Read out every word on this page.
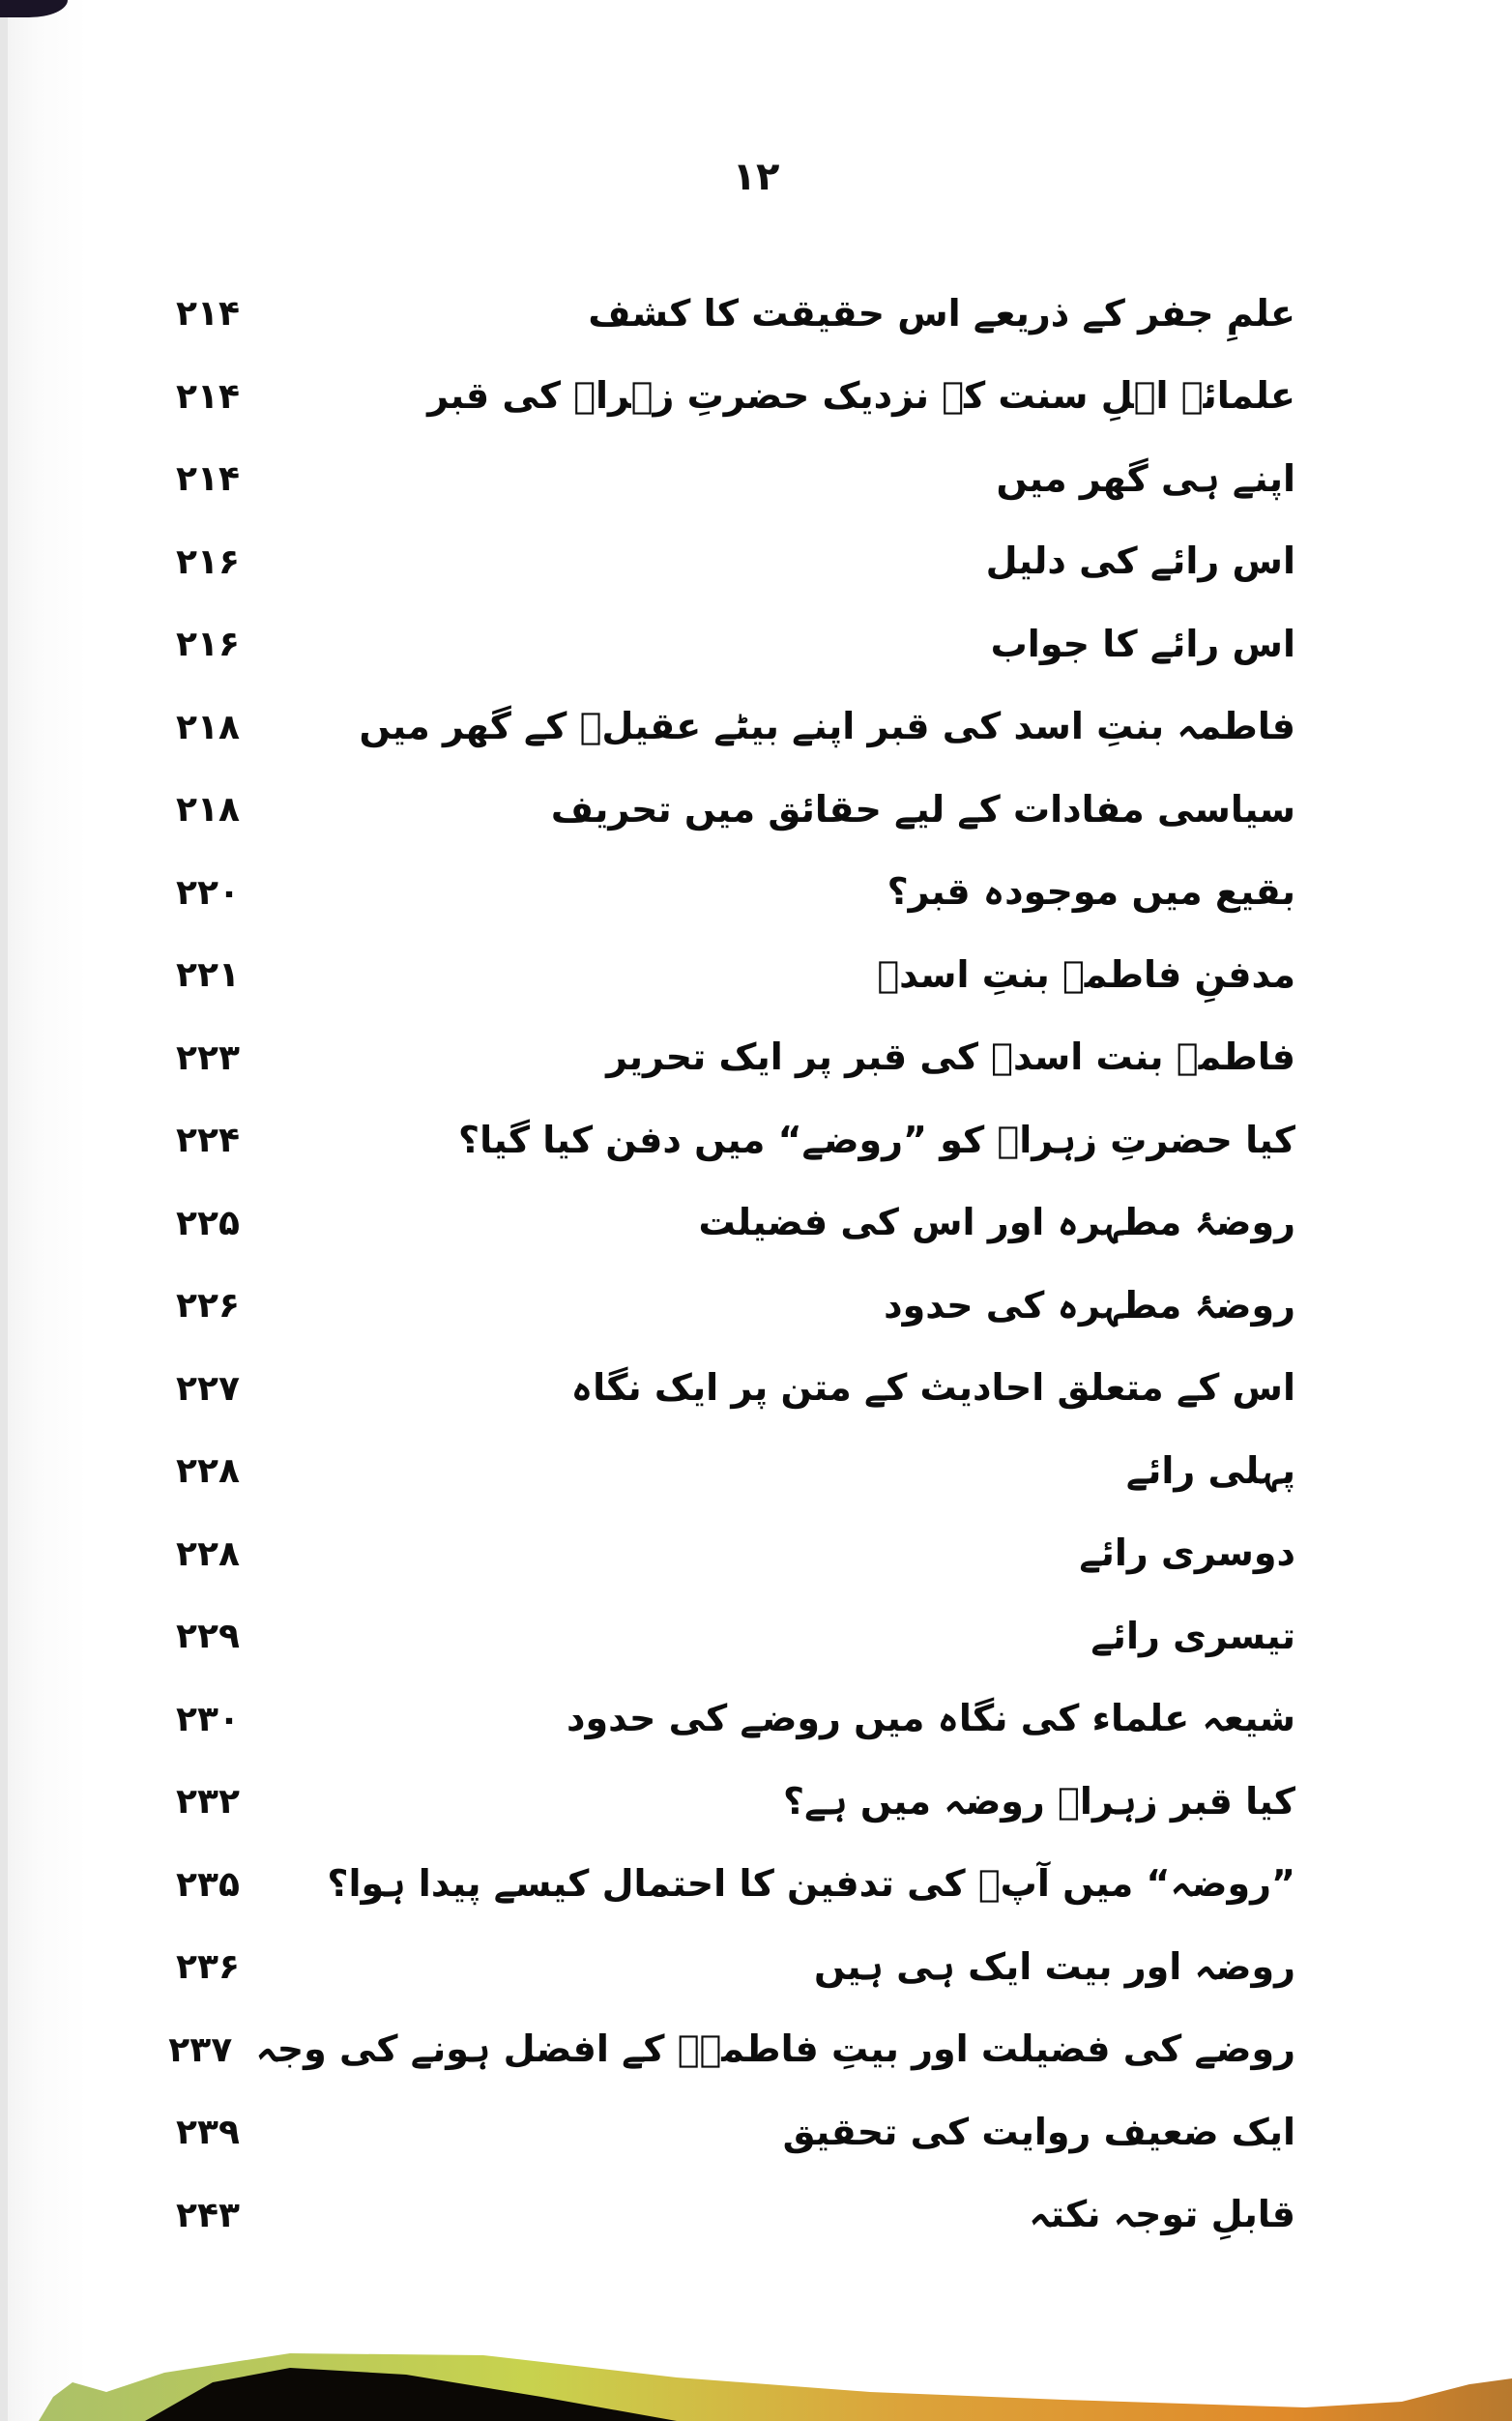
۱۲
علمِ جفر کے ذریعے اس حقیقت کا کشف
۲۱۴
علمائے اہلِ سنت کے نزدیک حضرتِ زہراؑ کی قبر
۲۱۴
اپنے ہی گھر میں
۲۱۴
اس رائے کی دلیل
۲۱۶
اس رائے کا جواب
۲۱۶
فاطمہ بنتِ اسد کی قبر اپنے بیٹے عقیلؑ کے گھر میں
۲۱۸
سیاسی مفادات کے لیے حقائق میں تحریف
۲۱۸
بقیع میں موجودہ قبر؟
۲۲۰
مدفنِ فاطمہ بنتِ اسدؑ
۲۲۱
فاطمہ بنت اسدؑ کی قبر پر ایک تحریر
۲۲۳
کیا حضرتِ زہراؑ کو ”روضے“ میں دفن کیا گیا؟
۲۲۴
روضۂ مطہرہ اور اس کی فضیلت
۲۲۵
روضۂ مطہرہ کی حدود
۲۲۶
اس کے متعلق احادیث کے متن پر ایک نگاہ
۲۲۷
پہلی رائے
۲۲۸
دوسری رائے
۲۲۸
تیسری رائے
۲۲۹
شیعہ علماء کی نگاہ میں روضے کی حدود
۲۳۰
کیا قبر زہراؑ روضہ میں ہے؟
۲۳۲
”روضہ“ میں آپؑ کی تدفین کا احتمال کیسے پیدا ہوا؟
۲۳۵
روضہ اور بیت ایک ہی ہیں
۲۳۶
روضے کی فضیلت اور بیتِ فاطمہؑ کے افضل ہونے کی وجہ
۲۳۷
ایک ضعیف روایت کی تحقیق
۲۳۹
قابلِ توجہ نکتہ
۲۴۳
